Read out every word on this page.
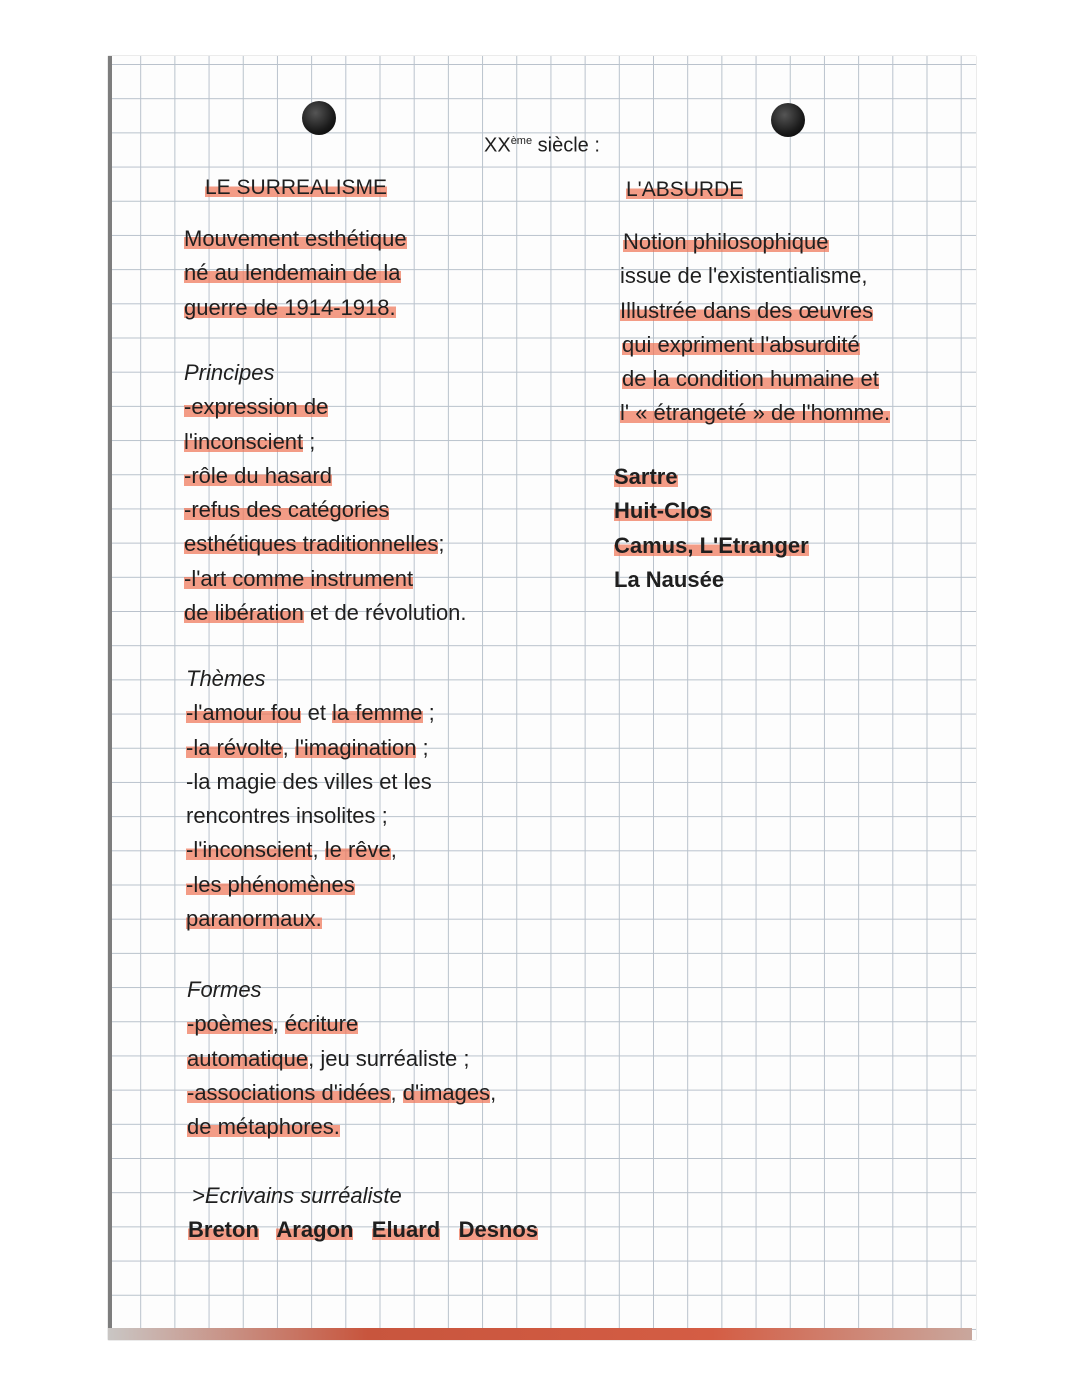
XXème siècle :
LE SURREALISME
Mouvement esthétique
né au lendemain de la
guerre de 1914-1918.
Principes
-expression de
l'inconscient ;
-rôle du hasard
-refus des catégories
esthétiques traditionnelles;
-l'art comme instrument
de libération et de révolution.
Thèmes
-l'amour fou et la femme ;
-la révolte, l'imagination ;
-la magie des villes et les
rencontres insolites ;
-l'inconscient, le rêve,
-les phénomènes
paranormaux.
Formes
-poèmes, écriture
automatique, jeu surréaliste ;
-associations d'idées, d'images,
de métaphores.
>Ecrivains surréaliste
Breton Aragon Eluard Desnos
L'ABSURDE
Notion philosophique
issue de l'existentialisme,
Illustrée dans des œuvres
qui expriment l'absurdité
de la condition humaine et
l' « étrangeté » de l'homme.
Sartre
Huit-Clos
Camus, L'Etranger
La Nausée
